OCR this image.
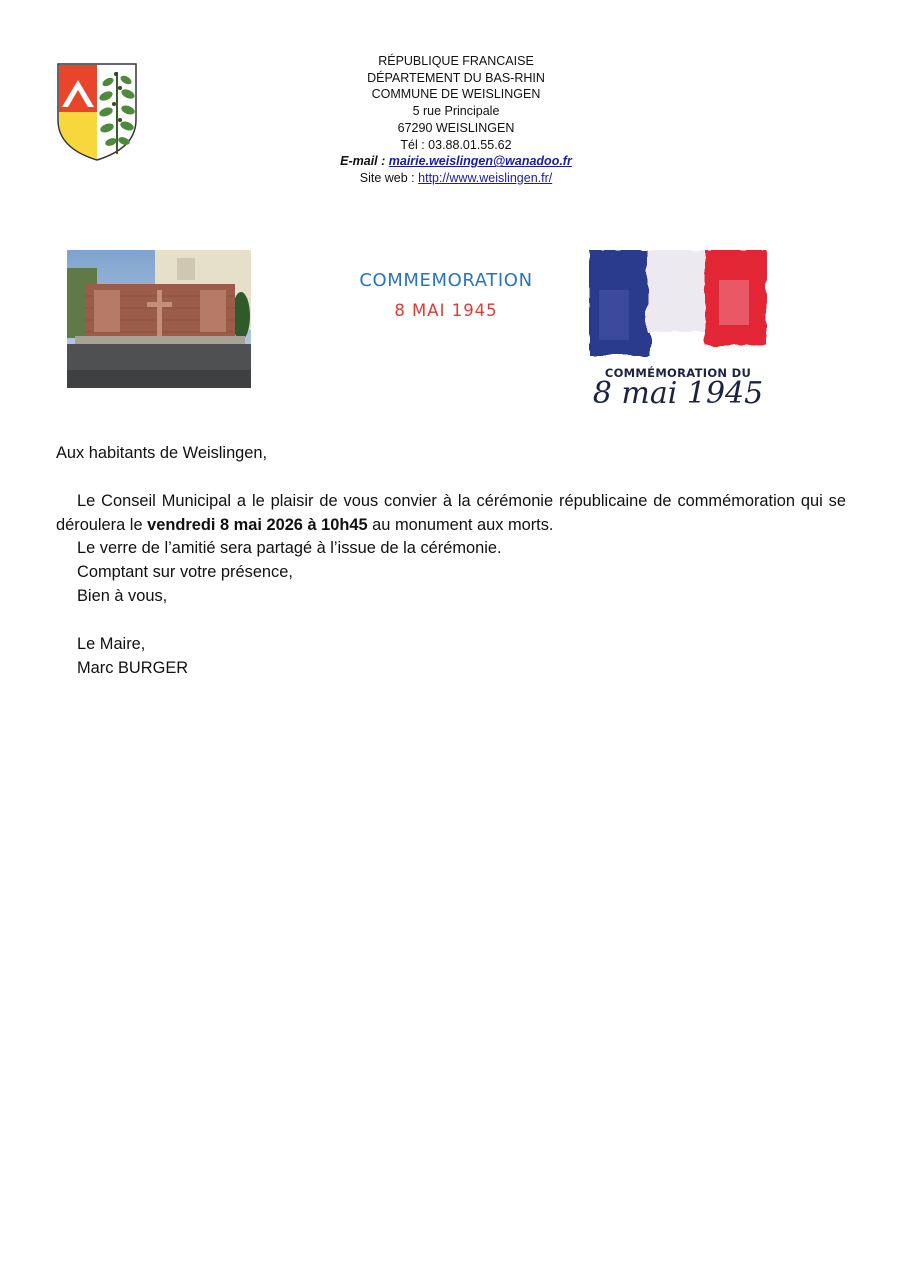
RÉPUBLIQUE FRANCAISE
DÉPARTEMENT DU BAS-RHIN
COMMUNE DE WEISLINGEN
5 rue Principale
67290 WEISLINGEN
Tél : 03.88.01.55.62
E-mail : mairie.weislingen@wanadoo.fr
Site web : http://www.weislingen.fr/
COMMEMORATION
8 MAI 1945
COMMÉMORATION DU
8 mai 1945

Aux habitants de Weislingen,

Le Conseil Municipal a le plaisir de vous convier à la cérémonie républicaine de commémoration qui se déroulera le vendredi 8 mai 2026 à 10h45 au monument aux morts.

Le verre de l’amitié sera partagé à l’issue de la cérémonie.

Comptant sur votre présence,

Bien à vous,

Le Maire,

Marc BURGER
